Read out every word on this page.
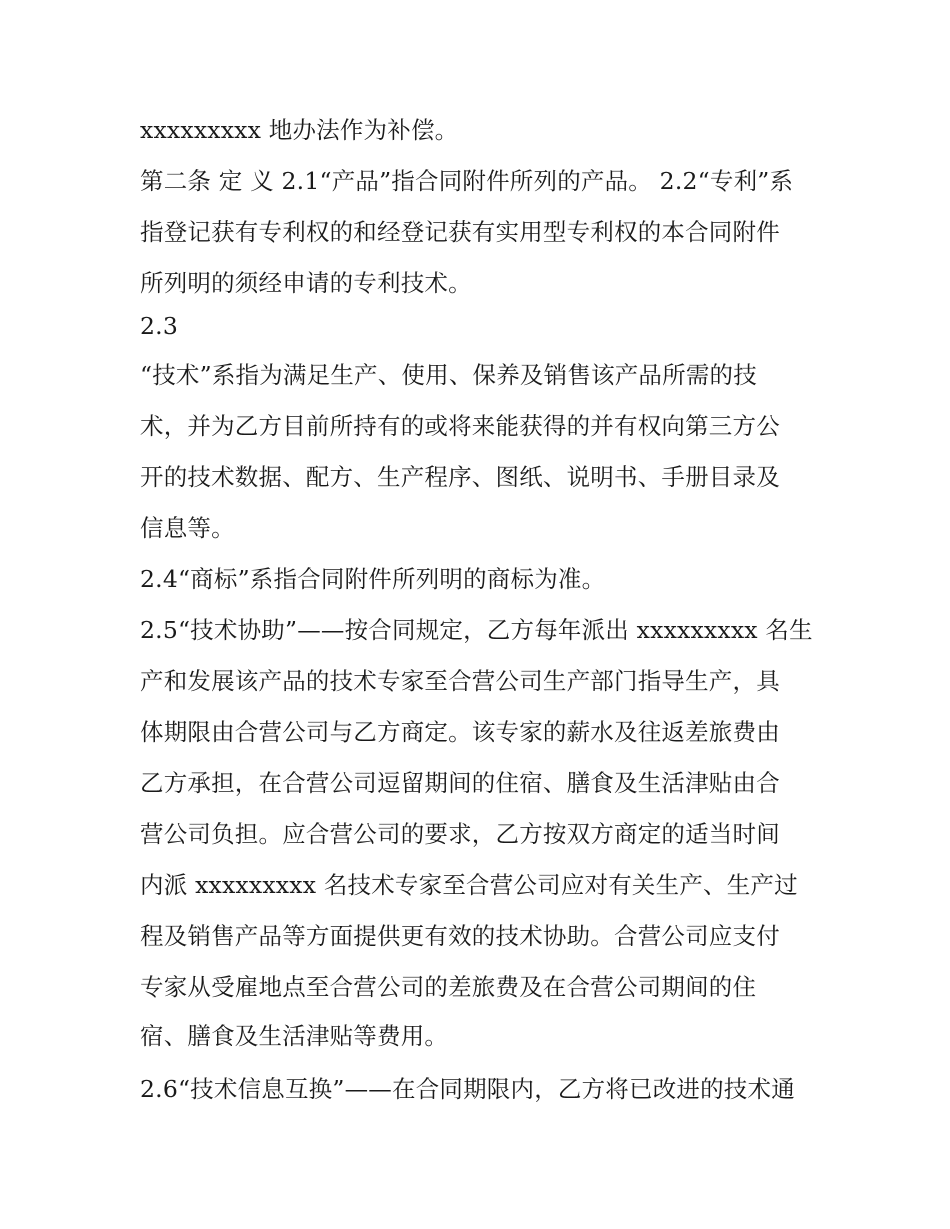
xxxxxxxxx 地办法作为补偿。
第二条 定 义 2.1“产品”指合同附件所列的产品。 2.2“专利”系
指登记获有专利权的和经登记获有实用型专利权的本合同附件
所列明的须经申请的专利技术。
2.3
“技术”系指为满足生产、使用、保养及销售该产品所需的技
术，并为乙方目前所持有的或将来能获得的并有权向第三方公
开的技术数据、配方、生产程序、图纸、说明书、手册目录及
信息等。
2.4“商标”系指合同附件所列明的商标为准。
2.5“技术协助”——按合同规定，乙方每年派出 xxxxxxxxx 名生
产和发展该产品的技术专家至合营公司生产部门指导生产，具
体期限由合营公司与乙方商定。该专家的薪水及往返差旅费由
乙方承担，在合营公司逗留期间的住宿、膳食及生活津贴由合
营公司负担。应合营公司的要求，乙方按双方商定的适当时间
内派 xxxxxxxxx 名技术专家至合营公司应对有关生产、生产过
程及销售产品等方面提供更有效的技术协助。合营公司应支付
专家从受雇地点至合营公司的差旅费及在合营公司期间的住
宿、膳食及生活津贴等费用。
2.6“技术信息互换”——在合同期限内，乙方将已改进的技术通
